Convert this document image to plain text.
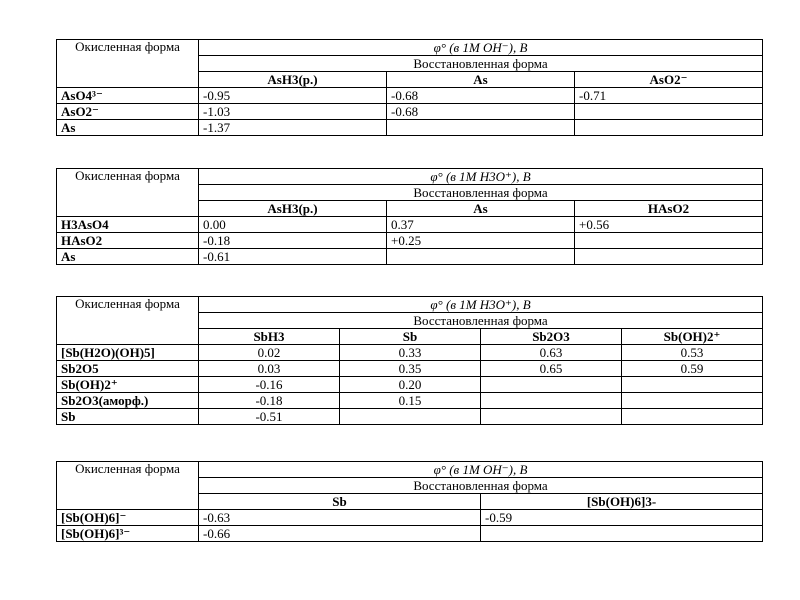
Окисленная форма	φ° (в 1М OH⁻), В		
	Восстановленная форма		
	AsH3(р.)	As	AsO2⁻
AsO4³⁻	-0.95	-0.68	-0.71
AsO2⁻	-1.03	-0.68	
As	-1.37		
Окисленная форма	φ° (в 1М H3O⁺), В		
	Восстановленная форма		
	AsH3(р.)	As	HAsO2
H3AsO4	0.00	0.37	+0.56
HAsO2	-0.18	+0.25	
As	-0.61		
Окисленная форма	φ° (в 1М H3O⁺), В			
	Восстановленная форма			
	SbH3	Sb	Sb2O3	Sb(OH)2⁺
[Sb(H2O)(OH)5]	0.02	0.33	0.63	0.53
Sb2O5	0.03	0.35	0.65	0.59
Sb(OH)2⁺	-0.16	0.20		
Sb2O3(аморф.)	-0.18	0.15		
Sb	-0.51			
Окисленная форма	φ° (в 1М OH⁻), В	
	Восстановленная форма	
	Sb	[Sb(OH)6]3-
[Sb(OH)6]⁻	-0.63	-0.59
[Sb(OH)6]³⁻	-0.66	
